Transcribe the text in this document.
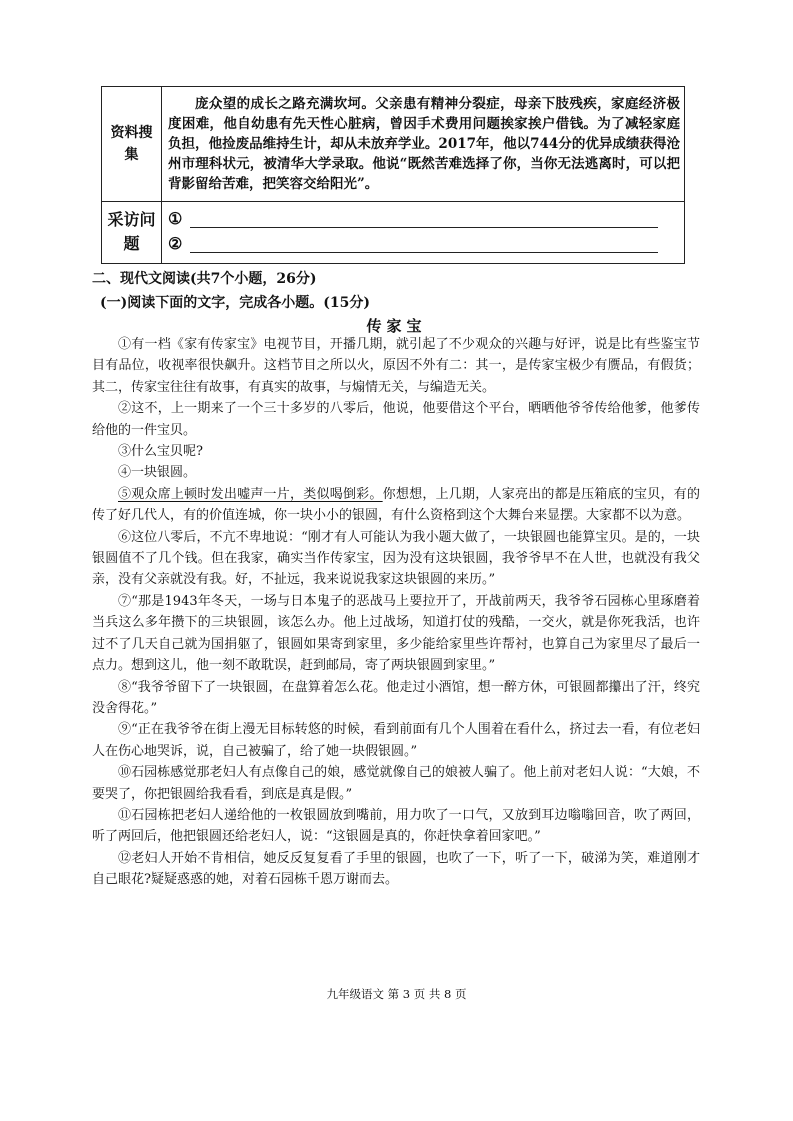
资料搜集

庞众望的成长之路充满坎坷。父亲患有精神分裂症，母亲下肢残疾，家庭经济极度困难，他自幼患有先天性心脏病，曾因手术费用问题挨家挨户借钱。为了减轻家庭负担，他捡废品维持生计，却从未放弃学业。2017年，他以744分的优异成绩获得沧州市理科状元，被清华大学录取。他说“既然苦难选择了你，当你无法逃离时，可以把背影留给苦难，把笑容交给阳光”。

采访问题
①
②

二、现代文阅读(共7个小题，26分)

(一)阅读下面的文字，完成各小题。(15分)

传家宝

①有一档《家有传家宝》电视节目，开播几期，就引起了不少观众的兴趣与好评，说是比有些鉴宝节目有品位，收视率很快飙升。这档节目之所以火，原因不外有二：其一，是传家宝极少有赝品，有假货；其二，传家宝往往有故事，有真实的故事，与煽情无关，与编造无关。

②这不，上一期来了一个三十多岁的八零后，他说，他要借这个平台，晒晒他爷爷传给他爹，他爹传给他的一件宝贝。

③什么宝贝呢?

④一块银圆。

⑤观众席上顿时发出嘘声一片，类似喝倒彩。你想想，上几期，人家亮出的都是压箱底的宝贝，有的传了好几代人，有的价值连城，你一块小小的银圆，有什么资格到这个大舞台来显摆。大家都不以为意。

⑥这位八零后，不亢不卑地说：“刚才有人可能认为我小题大做了，一块银圆也能算宝贝。是的，一块银圆值不了几个钱。但在我家，确实当作传家宝，因为没有这块银圆，我爷爷早不在人世，也就没有我父亲，没有父亲就没有我。好，不扯远，我来说说我家这块银圆的来历。”

⑦“那是1943年冬天，一场与日本鬼子的恶战马上要拉开了，开战前两天，我爷爷石园栋心里琢磨着当兵这么多年攒下的三块银圆，该怎么办。他上过战场，知道打仗的残酷，一交火，就是你死我活，也许过不了几天自己就为国捐躯了，银圆如果寄到家里，多少能给家里些许帮衬，也算自己为家里尽了最后一点力。想到这儿，他一刻不敢耽误，赶到邮局，寄了两块银圆到家里。”

⑧“我爷爷留下了一块银圆，在盘算着怎么花。他走过小酒馆，想一醉方休，可银圆都攥出了汗，终究没舍得花。”

⑨“正在我爷爷在街上漫无目标转悠的时候，看到前面有几个人围着在看什么，挤过去一看，有位老妇人在伤心地哭诉，说，自己被骗了，给了她一块假银圆。”

⑩石园栋感觉那老妇人有点像自己的娘，感觉就像自己的娘被人骗了。他上前对老妇人说：“大娘，不要哭了，你把银圆给我看看，到底是真是假。”

⑪石园栋把老妇人递给他的一枚银圆放到嘴前，用力吹了一口气，又放到耳边嗡嗡回音，吹了两回，听了两回后，他把银圆还给老妇人，说：“这银圆是真的，你赶快拿着回家吧。”

⑫老妇人开始不肯相信，她反反复复看了手里的银圆，也吹了一下，听了一下，破涕为笑，难道刚才自己眼花?疑疑惑惑的她，对着石园栋千恩万谢而去。

九年级语文 第 3 页 共 8 页
